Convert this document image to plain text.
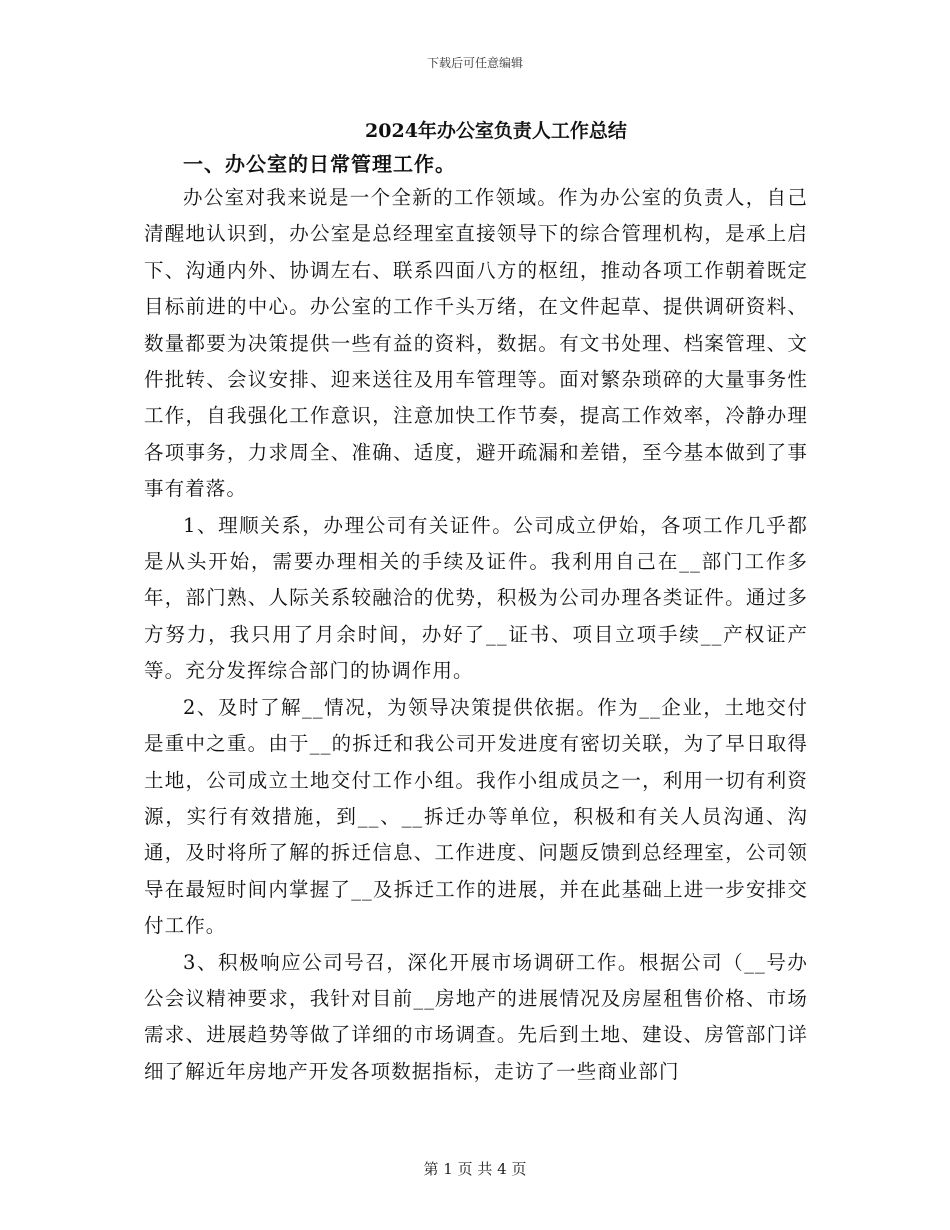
下载后可任意编辑
2024年办公室负责人工作总结
一、办公室的日常管理工作。

办公室对我来说是一个全新的工作领域。作为办公室的负责人，自己清醒地认识到，办公室是总经理室直接领导下的综合管理机构，是承上启下、沟通内外、协调左右、联系四面八方的枢纽，推动各项工作朝着既定目标前进的中心。办公室的工作千头万绪，在文件起草、提供调研资料、数量都要为决策提供一些有益的资料，数据。有文书处理、档案管理、文件批转、会议安排、迎来送往及用车管理等。面对繁杂琐碎的大量事务性工作，自我强化工作意识，注意加快工作节奏，提高工作效率，冷静办理各项事务，力求周全、准确、适度，避开疏漏和差错，至今基本做到了事事有着落。

1、理顺关系，办理公司有关证件。公司成立伊始，各项工作几乎都是从头开始，需要办理相关的手续及证件。我利用自己在__部门工作多年，部门熟、人际关系较融洽的优势，积极为公司办理各类证件。通过多方努力，我只用了月余时间，办好了__证书、项目立项手续__产权证产等。充分发挥综合部门的协调作用。

2、及时了解__情况，为领导决策提供依据。作为__企业，土地交付是重中之重。由于__的拆迁和我公司开发进度有密切关联，为了早日取得土地，公司成立土地交付工作小组。我作小组成员之一，利用一切有利资源，实行有效措施，到__、__拆迁办等单位，积极和有关人员沟通、沟通，及时将所了解的拆迁信息、工作进度、问题反馈到总经理室，公司领导在最短时间内掌握了__及拆迁工作的进展，并在此基础上进一步安排交付工作。

3、积极响应公司号召，深化开展市场调研工作。根据公司（__号办公会议精神要求，我针对目前__房地产的进展情况及房屋租售价格、市场需求、进展趋势等做了详细的市场调查。先后到土地、建设、房管部门详细了解近年房地产开发各项数据指标，走访了一些商业部门

第 1 页 共 4 页
